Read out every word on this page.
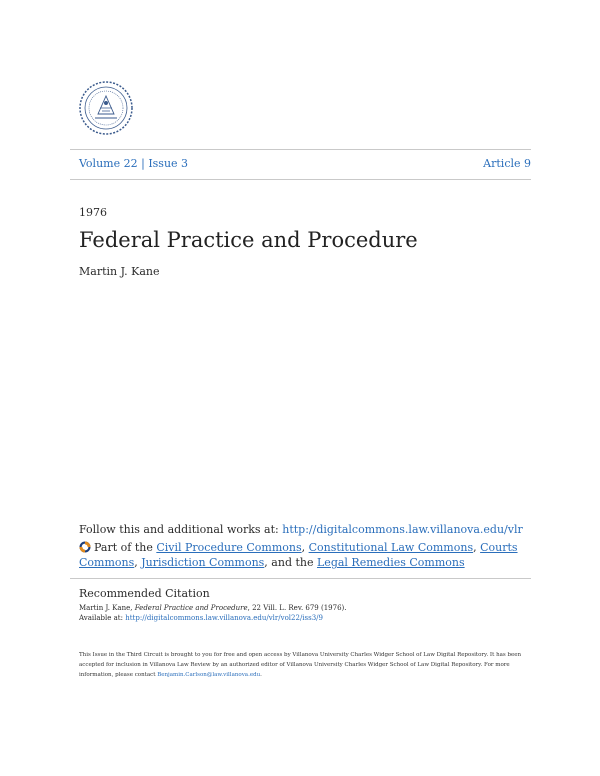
Volume 22 | Issue 3	Article 9
1976
Federal Practice and Procedure
Martin J. Kane
Follow this and additional works at: http://digitalcommons.law.villanova.edu/vlr
Part of the Civil Procedure Commons, Constitutional Law Commons, Courts Commons, Jurisdiction Commons, and the Legal Remedies Commons
Recommended Citation
Martin J. Kane, Federal Practice and Procedure, 22 Vill. L. Rev. 679 (1976).
Available at: http://digitalcommons.law.villanova.edu/vlr/vol22/iss3/9
This Issue in the Third Circuit is brought to you for free and open access by Villanova University Charles Widger School of Law Digital Repository. It has been accepted for inclusion in Villanova Law Review by an authorized editor of Villanova University Charles Widger School of Law Digital Repository. For more information, please contact Benjamin.Carlson@law.villanova.edu.
